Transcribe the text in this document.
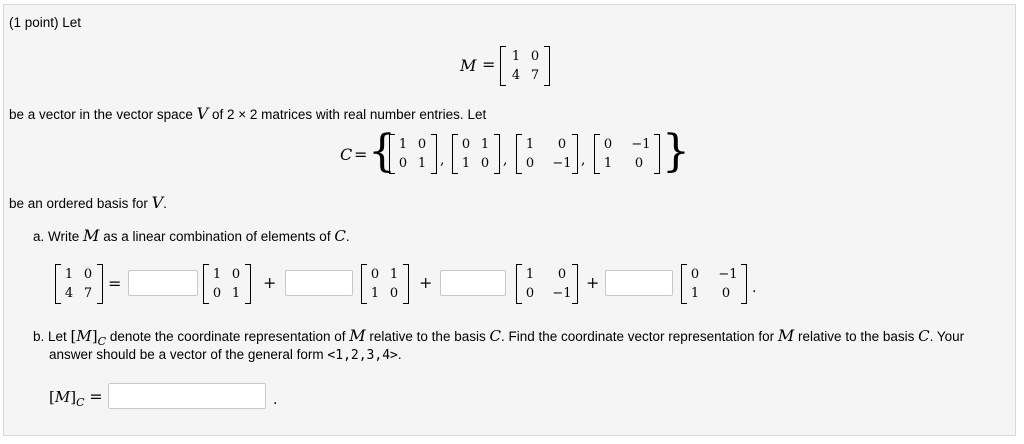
(1 point) Let
M = 1 0
4 7
be a vector in the vector space V of 2 × 2 matrices with real number entries. Let
C = { 1 0
0 1 ,
0 1
1 0 ,
1	0
0 −1 ,
0 −1
1 0 }
be an ordered basis for V.
a. Write M as a linear combination of elements of C.
1 0
4 7
=	1 0
0 1
+	0 1
1 0
+	1	0
0 −1
+	0 −1
1 0 .
b. Let $[M]_C$ denote the coordinate representation of M relative to the basis C. Find the coordinate vector representation for M relative to the basis C. Your
answer should be a vector of the general form <1,2,3,4>.
$[M]_C$ =	.
